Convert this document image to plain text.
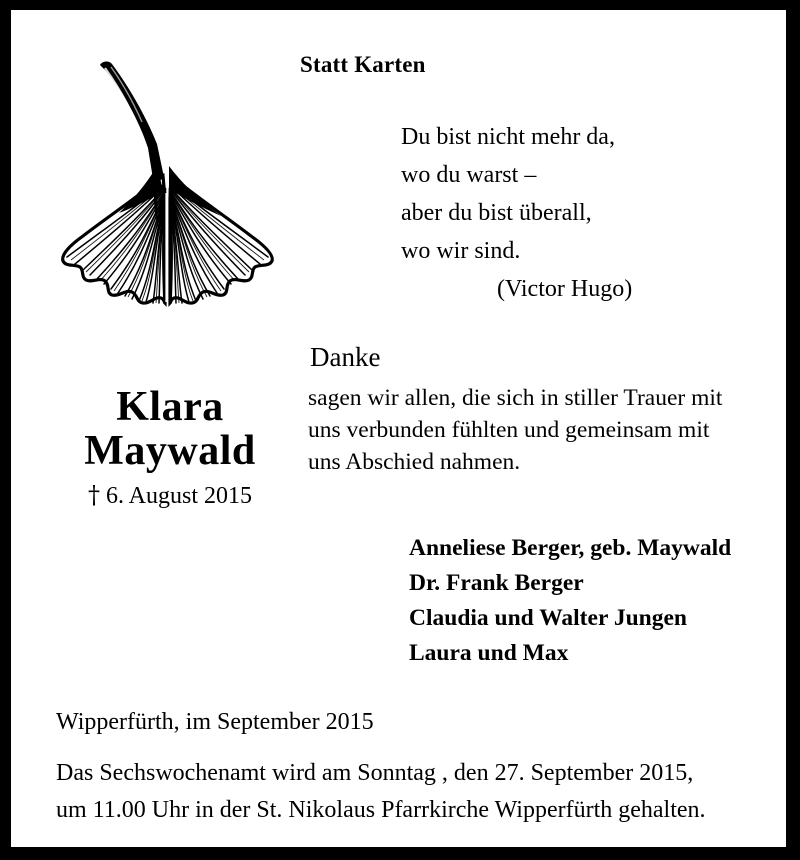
Statt Karten
Du bist nicht mehr da,
wo du warst –
aber du bist überall,
wo wir sind.
(Victor Hugo)
Danke
sagen wir allen, die sich in stiller Trauer mit
uns verbunden fühlten und gemeinsam mit
uns Abschied nahmen.
Anneliese Berger, geb. Maywald
Dr. Frank Berger
Claudia und Walter Jungen
Laura und Max
Klara
Maywald
† 6. August 2015
Wipperfürth, im September 2015
Das Sechswochenamt wird am Sonntag , den 27. September 2015,
um 11.00 Uhr in der St. Nikolaus Pfarrkirche Wipperfürth gehalten.
